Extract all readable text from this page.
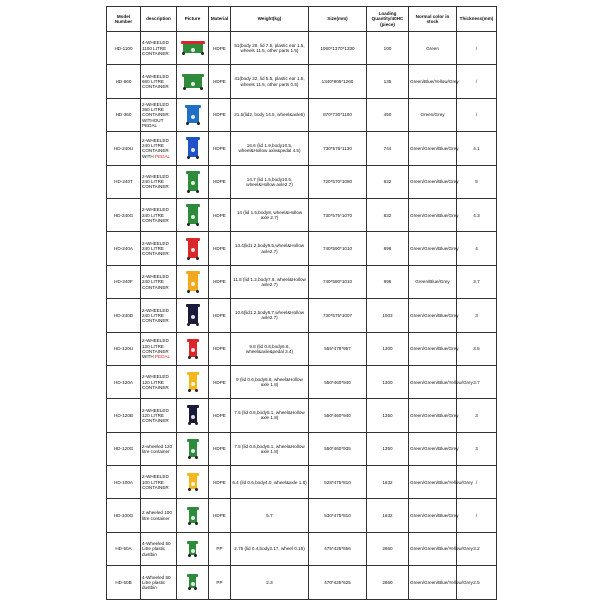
Model Number	description	Picture	Material	Weight(kg)	Size(mm)	Loading Quantity/40HC (piece)	Normal color in stock	Thickness(mm)
HD-1100	4-WHEELED 1100 LITRE CONTAINER		HDPE	51(body 29, lid 7.5, plastic ear 1.5, wheels 11.5, other parts 1.5)	1060*1370*1330	100	Green	/
HD-660	4-WHEELED 660 LITRE CONTAINER		HDPE	41(body 22, lid 5.5, plastic ear 1.5, wheels 11.5, other parts 0.5)	1340*805*1260	135	Green/Blue/Yellow/Grey	/
HD-360	2-WHEELED 360 LITRE CONTAINER WITHOUT PEDAL		HDPE	21.5(lid2, body 14.5, wheel&axle5)	870*730*1100	450	Green/Grey	/
HD-240U	2-WHEELED 240 LITRE CONTAINER WITH PEDAL		HDPE	16.6 (lid 1.9,body10.5, wheel&Hollow axle&pedal 4.5)	730*575*1130	744	Green/Green/Blue/Grey	4.1
HD-240T	2-WHEELED 240 LITRE CONTAINER		HDPE	14.7 (lid 1.5,body10.5, wheel&Hollow axle2.7)	720*570*1080	832	Green/Green/Blue/Grey	5
HD-240G	2-WHEELED 240 LITRE CONTAINER		HDPE	14 (lid 1.5,body8, wheel&Hollow axle 2.7)	730*575*1070	832	Green/Green/Blue/Grey	4.3
HD-240A	2-WHEELED 240 LITRE CONTAINER		HDPE	13.4(lid1.2,body9.5,wheel&Hollow axle2.7)	740*590*1010	896	Green/Green/Blue/Grey	4
HD-240F	2-WHEELED 240 LITRE CONTAINER		HDPE	11.5 (lid 1.2,body7.6, wheel&Hollow axle2.7)	740*580*1010	896	Green/Blue/Grey	3.7
HD-240D	2-WHEELED 240 LITRE CONTAINER		HDPE	10.6(lid1.2,body6.7,wheel&Hollow axle2.7)	730*575*1007	1003	Green/Green/Blue/Grey	3
HD-120U	2-WHEELED 120 LITRE CONTAINER WITH PEDAL		HDPE	9.8 (lid 0.8,body6.6, wheel&axle&pedal 3.4)	555*478*957	1300	Green/Green/Blue/Grey	3.5
HD-120A	2-WHEELED 120 LITRE CONTAINER		HDPE	9 (lid 0.6,body6.6, wheel&Hollow axle 1.8)	550*460*940	1300	Green/Green/Blue/Yellow/Grey	3.7
HD-120B	2-WHEELED 120 LITRE CONTAINER		HDPE	7.5 (lid 0.6,body5.1, wheel&Hollow axle 1.8)	550*460*940	1350	Green/Green/Blue/Grey	3
HD-120G	2-wheeled 120 litre container		HDPE	7.5 (lid 0.6,body5.1, wheel&Hollow axle 1.8)	550*460*935	1350	Green/Green/Blue/Grey	3
HD-100A	2-WHEELED 100 LITRE CONTAINER		HDPE	6.4 (lid 0.6,body4.0, wheel&axle 1.8)	528*475*810	1632	Green/Green/Blue/Yellow/Grey	/
HD-100G	2 wheeled 100 litre container		HDPE	5.7	530*475*810	1632	Green/Green/Blue/Grey	/
HD-50A	4-Wheeled 50 Litre plastic dustbin		PP	2.75 (lid 0.4,body2.17, wheel 0.18)	475*425*656	2860	Green/Green/Blue/Yellow/Grey	3.2
HD-50B	4-Wheeled 50 Litre plastic dustbin		PP	2.3	470*425*625	2860	Green/Green/Blue/Yellow/Grey	2.5
